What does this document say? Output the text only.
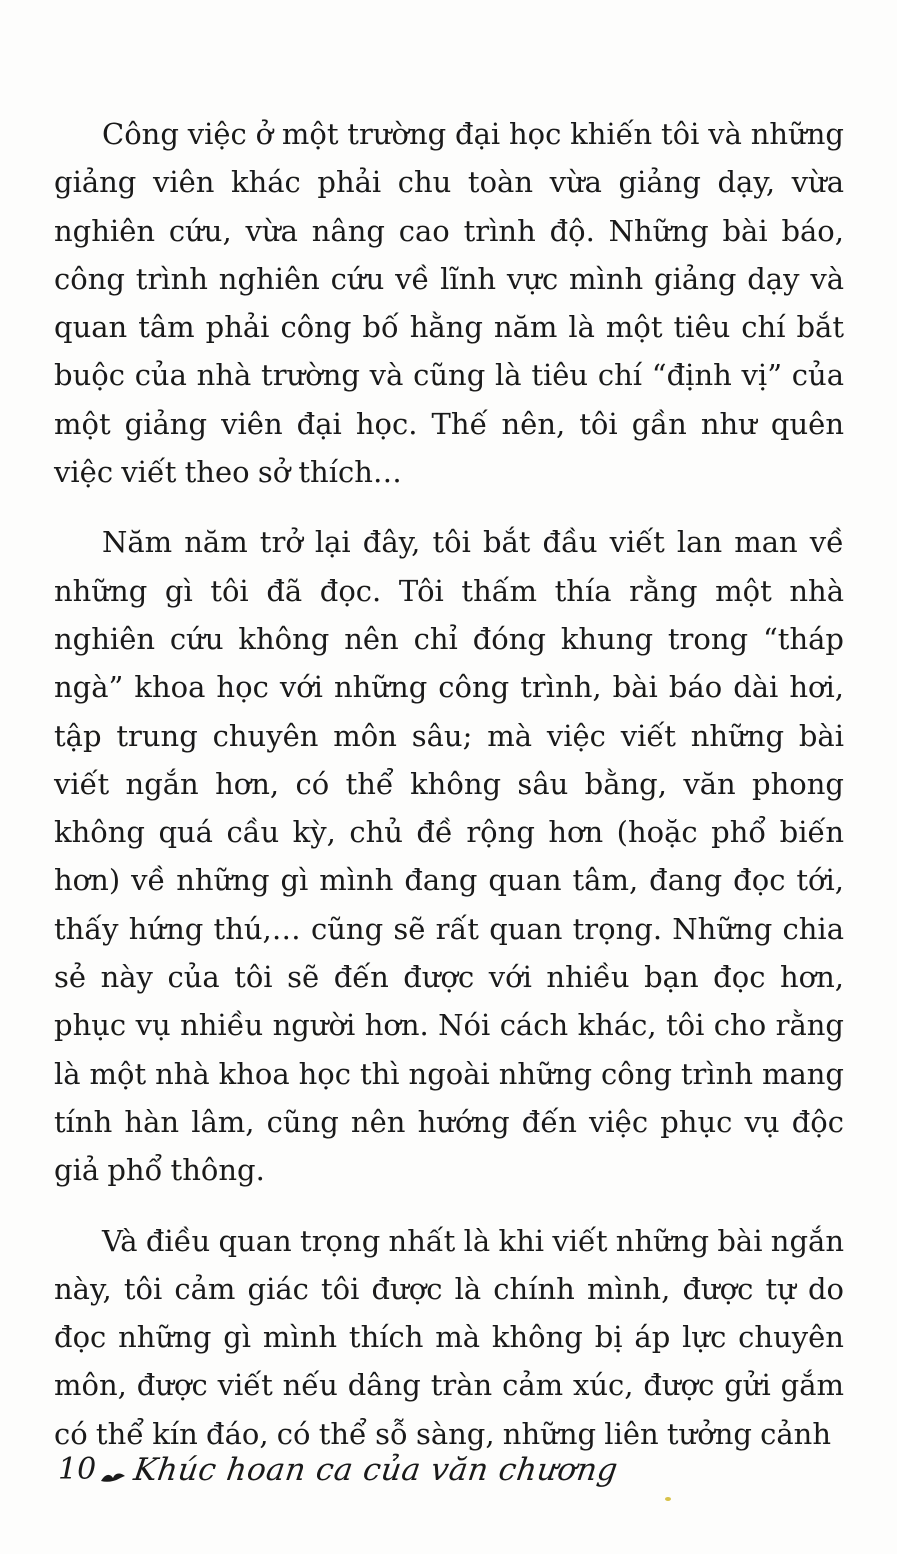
Công việc ở một trường đại học khiến tôi và những giảng viên khác phải chu toàn vừa giảng dạy, vừa nghiên cứu, vừa nâng cao trình độ. Những bài báo, công trình nghiên cứu về lĩnh vực mình giảng dạy và quan tâm phải công bố hằng năm là một tiêu chí bắt buộc của nhà trường và cũng là tiêu chí “định vị” của một giảng viên đại học. Thế nên, tôi gần như quên việc viết theo sở thích…

Năm năm trở lại đây, tôi bắt đầu viết lan man về những gì tôi đã đọc. Tôi thấm thía rằng một nhà nghiên cứu không nên chỉ đóng khung trong “tháp ngà” khoa học với những công trình, bài báo dài hơi, tập trung chuyên môn sâu; mà việc viết những bài viết ngắn hơn, có thể không sâu bằng, văn phong không quá cầu kỳ, chủ đề rộng hơn (hoặc phổ biến hơn) về những gì mình đang quan tâm, đang đọc tới, thấy hứng thú,… cũng sẽ rất quan trọng. Những chia sẻ này của tôi sẽ đến được với nhiều bạn đọc hơn, phục vụ nhiều người hơn. Nói cách khác, tôi cho rằng là một nhà khoa học thì ngoài những công trình mang tính hàn lâm, cũng nên hướng đến việc phục vụ độc giả phổ thông.

Và điều quan trọng nhất là khi viết những bài ngắn này, tôi cảm giác tôi được là chính mình, được tự do đọc những gì mình thích mà không bị áp lực chuyên môn, được viết nếu dâng tràn cảm xúc, được gửi gắm có thể kín đáo, có thể sỗ sàng, những liên tưởng cảnh

10 Khúc hoan ca của văn chương
